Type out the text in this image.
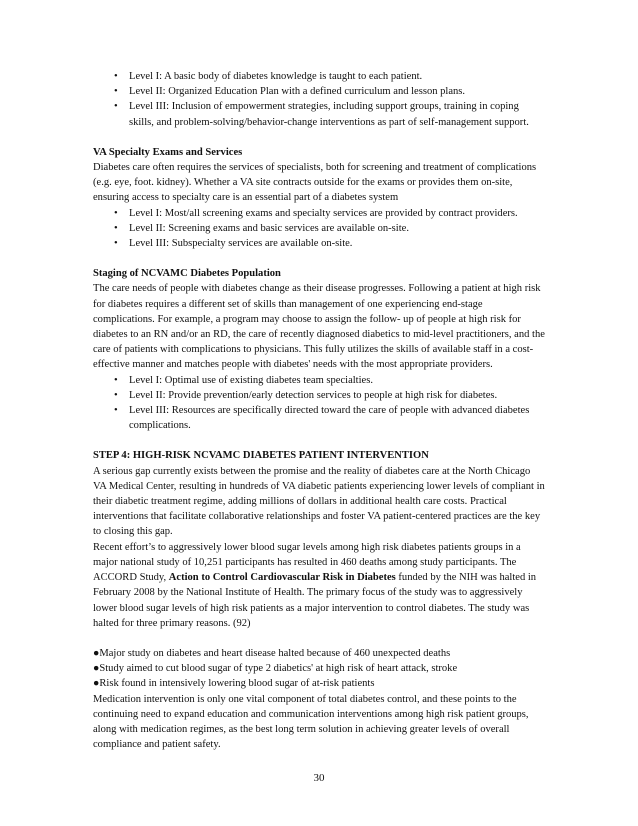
• Level I: A basic body of diabetes knowledge is taught to each patient.
• Level II: Organized Education Plan with a defined curriculum and lesson plans.
• Level III: Inclusion of empowerment strategies, including support groups, training in coping skills, and problem-solving/behavior-change interventions as part of self-management support.
VA Specialty Exams and Services

Diabetes care often requires the services of specialists, both for screening and treatment of complications (e.g. eye, foot. kidney). Whether a VA site contracts outside for the exams or provides them on-site, ensuring access to specialty care is an essential part of a diabetes system

• Level I: Most/all screening exams and specialty services are provided by contract providers.
• Level II: Screening exams and basic services are available on-site.
• Level III: Subspecialty services are available on-site.
Staging of NCVAMC Diabetes Population

The care needs of people with diabetes change as their disease progresses. Following a patient at high risk for diabetes requires a different set of skills than management of one experiencing end-stage complications. For example, a program may choose to assign the follow- up of people at high risk for diabetes to an RN and/or an RD, the care of recently diagnosed diabetics to mid-level practitioners, and the care of patients with complications to physicians. This fully utilizes the skills of available staff in a cost-effective manner and matches people with diabetes' needs with the most appropriate providers.

• Level I: Optimal use of existing diabetes team specialties.
• Level II: Provide prevention/early detection services to people at high risk for diabetes.
• Level III: Resources are specifically directed toward the care of people with advanced diabetes complications.
STEP 4: HIGH-RISK NCVAMC DIABETES PATIENT INTERVENTION

A serious gap currently exists between the promise and the reality of diabetes care at the North Chicago VA Medical Center, resulting in hundreds of VA diabetic patients experiencing lower levels of compliant in their diabetic treatment regime, adding millions of dollars in additional health care costs. Practical interventions that facilitate collaborative relationships and foster VA patient-centered practices are the key to closing this gap.

Recent effort’s to aggressively lower blood sugar levels among high risk diabetes patients groups in a major national study of 10,251 participants has resulted in 460 deaths among study participants. The ACCORD Study, Action to Control Cardiovascular Risk in Diabetes funded by the NIH was halted in February 2008 by the National Institute of Health. The primary focus of the study was to aggressively lower blood sugar levels of high risk patients as a major intervention to control diabetes. The study was halted for three primary reasons. (92)

●Major study on diabetes and heart disease halted because of 460 unexpected deaths
●Study aimed to cut blood sugar of type 2 diabetics' at high risk of heart attack, stroke
●Risk found in intensively lowering blood sugar of at-risk patients

Medication intervention is only one vital component of total diabetes control, and these points to the continuing need to expand education and communication interventions among high risk patient groups, along with medication regimes, as the best long term solution in achieving greater levels of overall compliance and patient safety.

30
